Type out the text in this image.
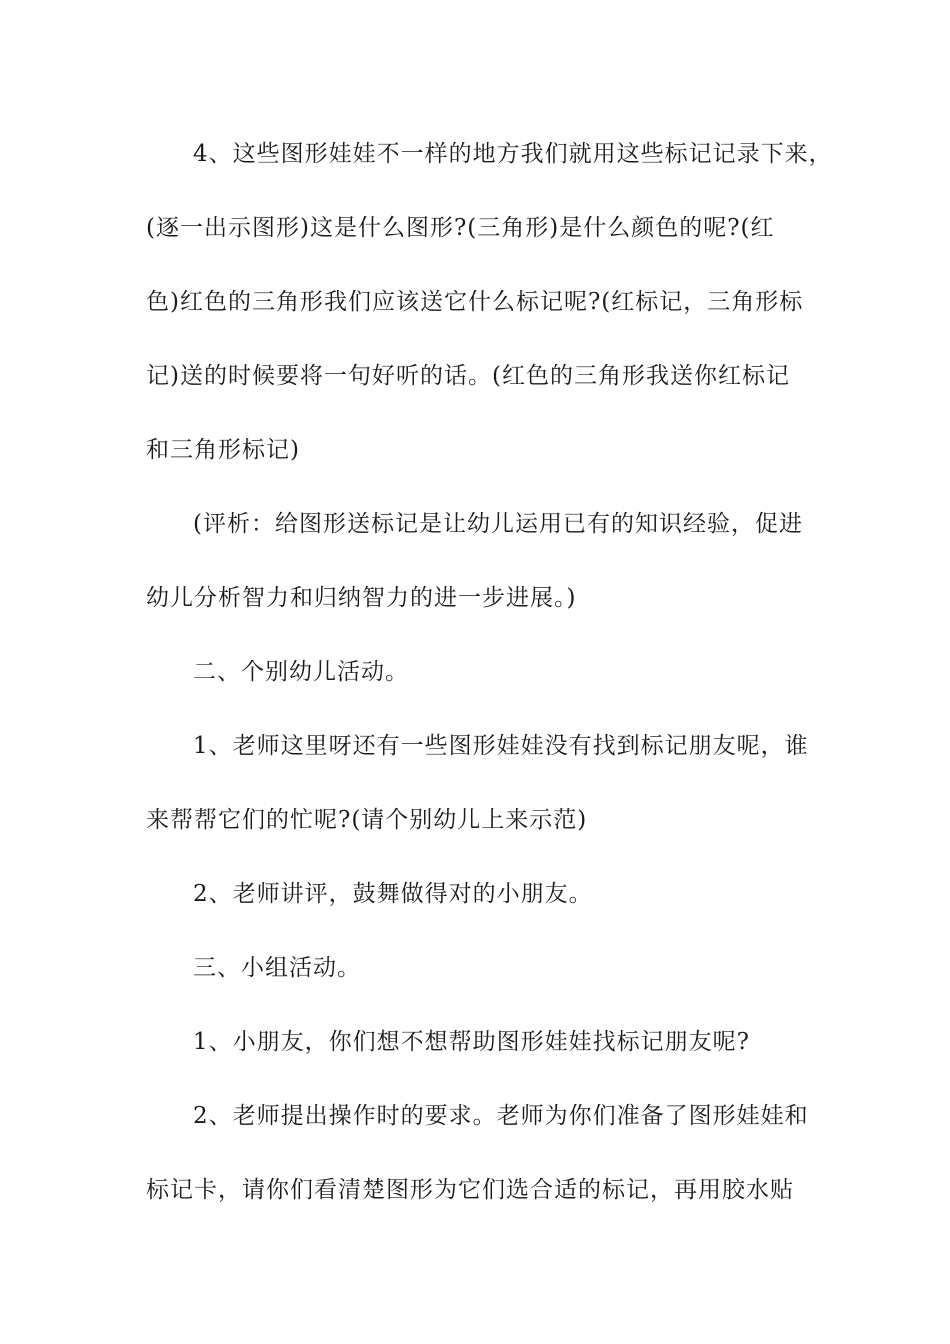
4、这些图形娃娃不一样的地方我们就用这些标记记录下来，
(逐一出示图形)这是什么图形?(三角形)是什么颜色的呢?(红
色)红色的三角形我们应该送它什么标记呢?(红标记，三角形标
记)送的时候要将一句好听的话。(红色的三角形我送你红标记
和三角形标记)
(评析：给图形送标记是让幼儿运用已有的知识经验，促进
幼儿分析智力和归纳智力的进一步进展。)
二、个别幼儿活动。
1、老师这里呀还有一些图形娃娃没有找到标记朋友呢，谁
来帮帮它们的忙呢?(请个别幼儿上来示范)
2、老师讲评，鼓舞做得对的小朋友。
三、小组活动。
1、小朋友，你们想不想帮助图形娃娃找标记朋友呢?
2、老师提出操作时的要求。老师为你们准备了图形娃娃和
标记卡，请你们看清楚图形为它们选合适的标记，再用胶水贴
